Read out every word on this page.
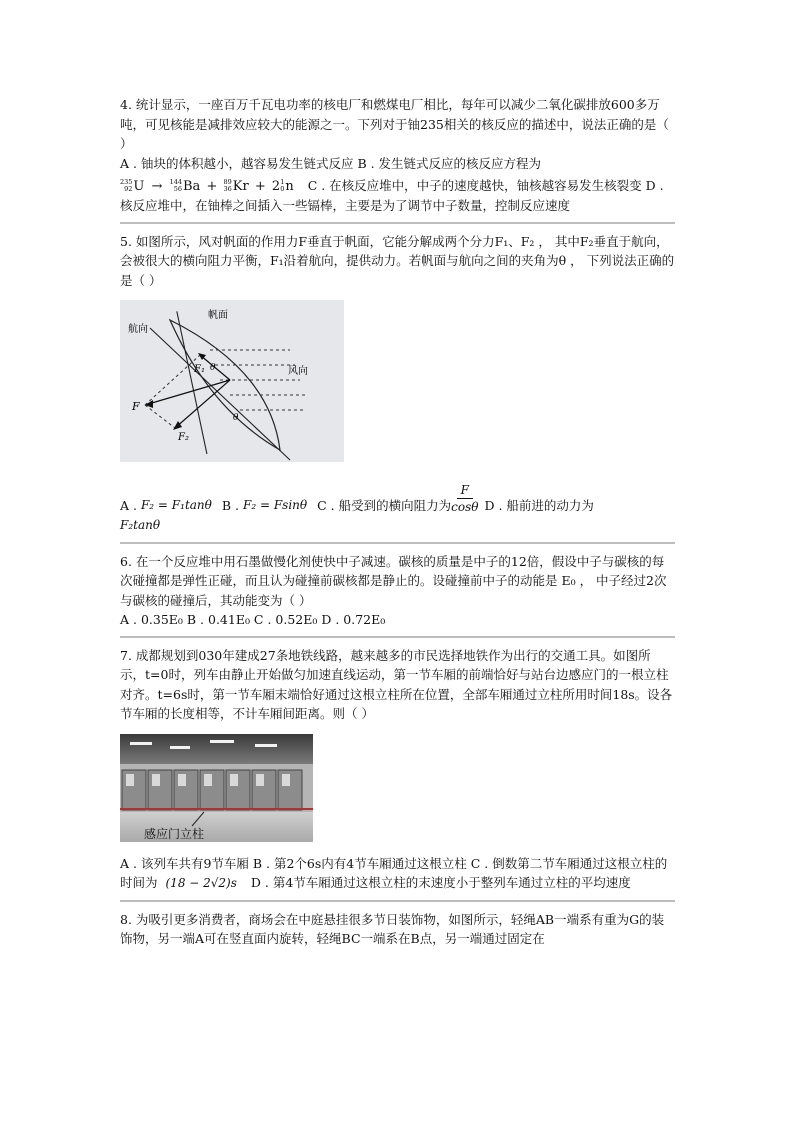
4. 统计显示，一座百万千瓦电功率的核电厂和燃煤电厂相比，每年可以减少二氧化碳排放600多万吨，可见核能是减排效应较大的能源之一。下列对于铀235相关的核反应的描述中，说法正确的是（ ）

A . 铀块的体积越小，越容易发生链式反应 B . 发生链式反应的核反应方程为

235
92 U → 144
56 Ba + 89
36 Kr + 2 1
0 n C . 在核反应堆中，中子的速度越快，铀核越容易发生核裂变 D . 核反应堆中，在铀棒之间插入一些镉棒，主要是为了调节中子数量，控制反应速度

5. 如图所示，风对帆面的作用力F垂直于帆面，它能分解成两个分力F₁、F₂ ， 其中F₂垂直于航向，会被很大的横向阻力平衡，F₁沿着航向，提供动力。若帆面与航向之间的夹角为θ ， 下列说法正确的是（ ）

航向
帆面
风向
F
F₁
F₂
θ
θ
A . F₂ = F₁tanθ B . F₂ = Fsinθ C . 船受到的横向阻力为 $\frac{F}{\cos\theta}$ D . 船前进的动力为

F₂tanθ

6. 在一个反应堆中用石墨做慢化剂使快中子减速。碳核的质量是中子的12倍，假设中子与碳核的每次碰撞都是弹性正碰，而且认为碰撞前碳核都是静止的。设碰撞前中子的动能是 E₀ ， 中子经过2次与碳核的碰撞后，其动能变为（ ）

A . 0.35E₀ B . 0.41E₀ C . 0.52E₀ D . 0.72E₀

7. 成都规划到030年建成27条地铁线路，越来越多的市民选择地铁作为出行的交通工具。如图所示，t=0时，列车由静止开始做匀加速直线运动，第一节车厢的前端恰好与站台边感应门的一根立柱对齐。t=6s时，第一节车厢末端恰好通过这根立柱所在位置，全部车厢通过立柱所用时间18s。设各节车厢的长度相等，不计车厢间距离。则（ ）

感应门立柱

A . 该列车共有9节车厢 B . 第2个6s内有4节车厢通过这根立柱 C . 倒数第二节车厢通过这根立柱的时间为 (18 − 2√2)s D . 第4节车厢通过这根立柱的末速度小于整列车通过立柱的平均速度

8. 为吸引更多消费者，商场会在中庭悬挂很多节日装饰物，如图所示，轻绳AB一端系有重为G的装饰物，另一端A可在竖直面内旋转，轻绳BC一端系在B点，另一端通过固定在
